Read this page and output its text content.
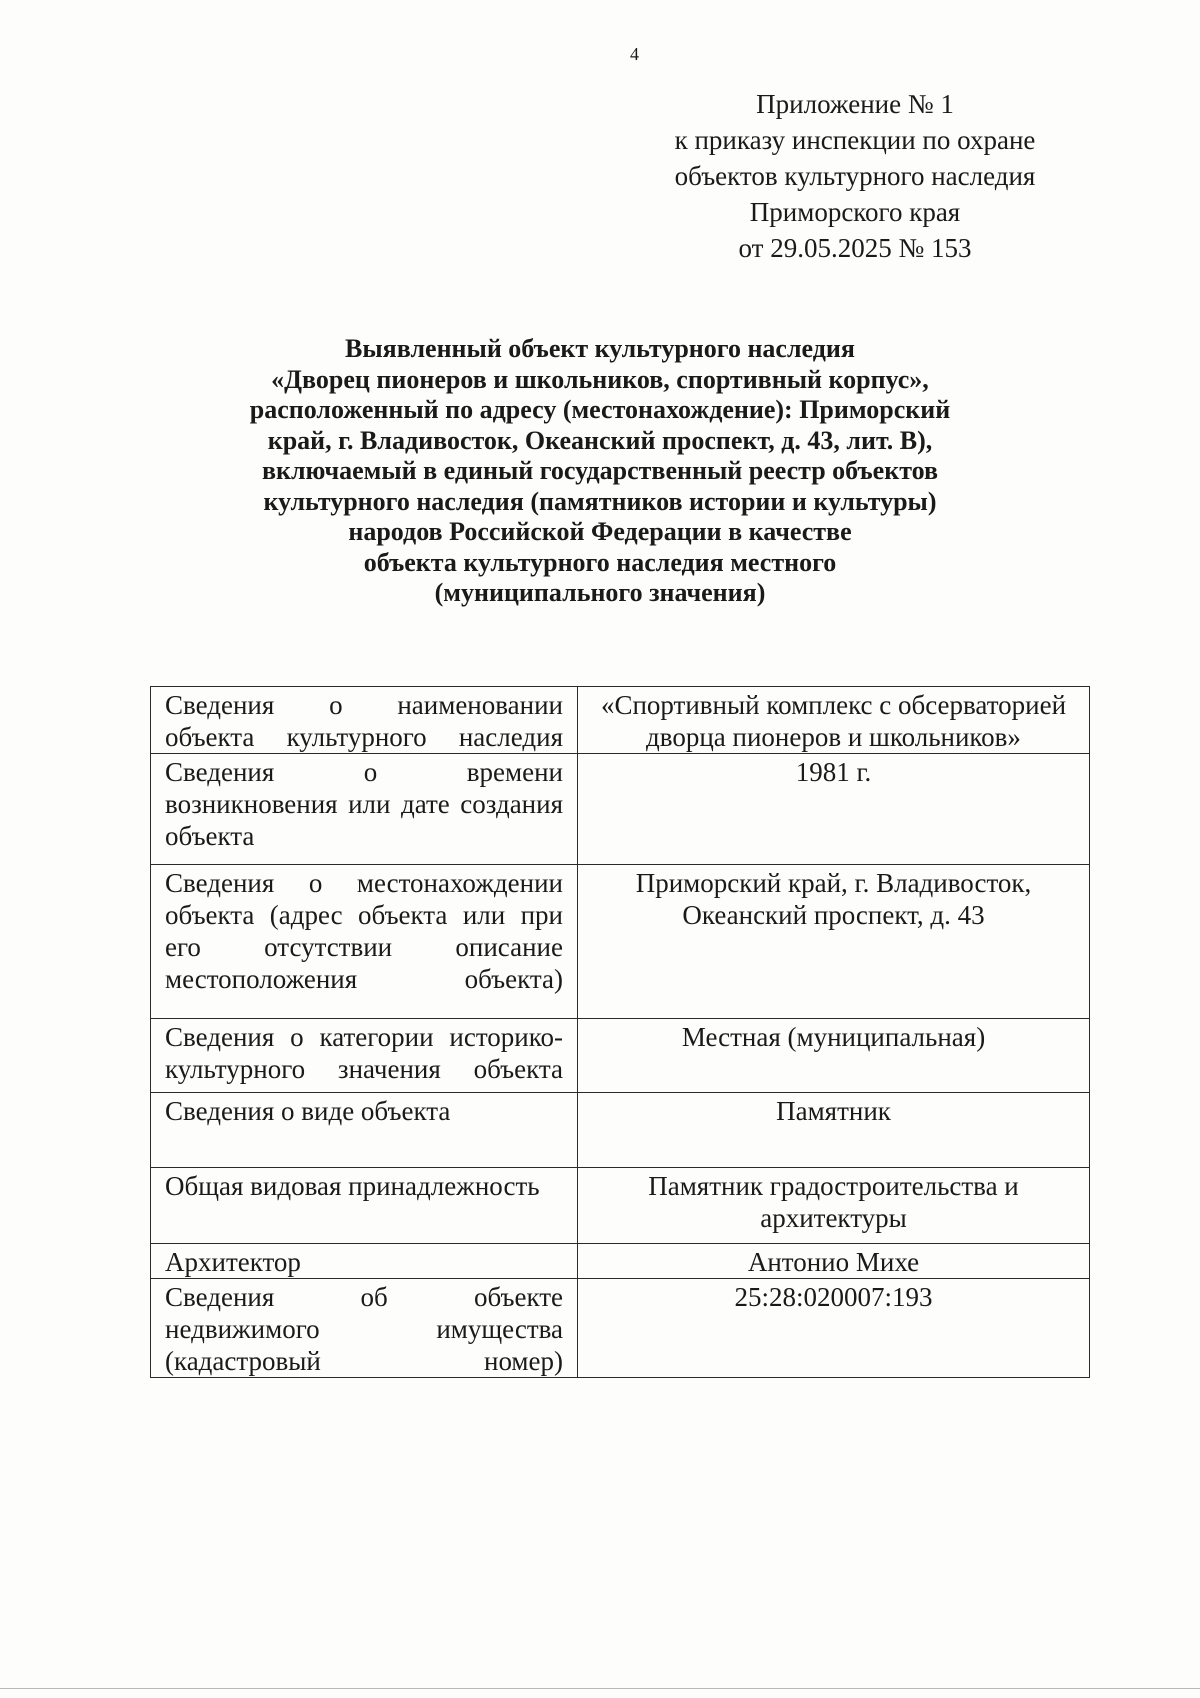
4
Приложение № 1
к приказу инспекции по охране
объектов культурного наследия
Приморского края
от 29.05.2025 № 153
Выявленный объект культурного наследия
«Дворец пионеров и школьников, спортивный корпус»,
расположенный по адресу (местонахождение): Приморский
край, г. Владивосток, Океанский проспект, д. 43, лит. В),
включаемый в единый государственный реестр объектов
культурного наследия (памятников истории и культуры)
народов Российской Федерации в качестве
объекта культурного наследия местного
(муниципального значения)
Сведения о наименовании объекта культурного наследия	«Спортивный комплекс с обсерваторией дворца пионеров и школьников»
Сведения о времени возникновения или дате создания объекта	1981 г.
Сведения о местонахождении объекта (адрес объекта или при его отсутствии описание местоположения объекта)	Приморский край, г. Владивосток, Океанский проспект, д. 43
Сведения о категории историко-культурного значения объекта	Местная (муниципальная)
Сведения о виде объекта	Памятник
Общая видовая принадлежность	Памятник градостроительства и архитектуры
Архитектор	Антонио Михе
Сведения об объекте недвижимого имущества (кадастровый номер)	25:28:020007:193
